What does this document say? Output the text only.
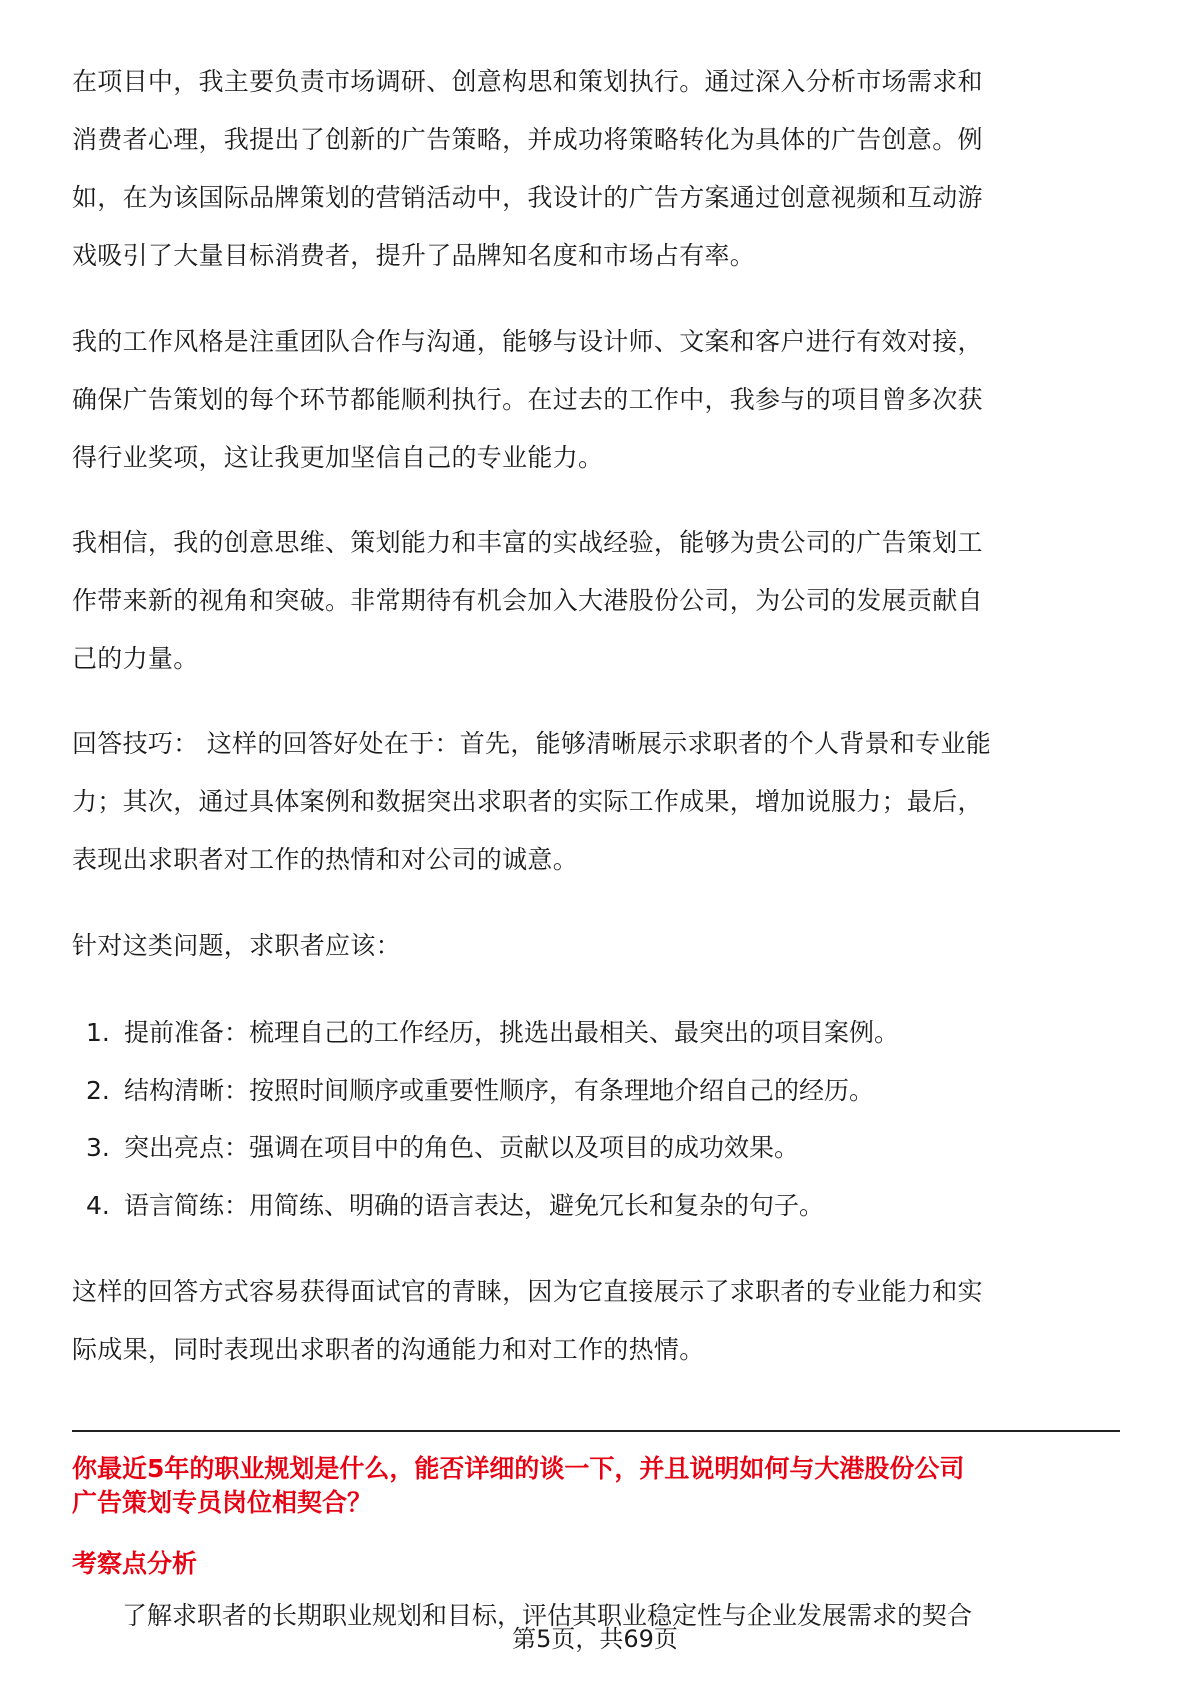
在项目中，我主要负责市场调研、创意构思和策划执行。通过深入分析市场需求和
消费者心理，我提出了创新的广告策略，并成功将策略转化为具体的广告创意。例
如，在为该国际品牌策划的营销活动中，我设计的广告方案通过创意视频和互动游
戏吸引了大量目标消费者，提升了品牌知名度和市场占有率。
我的工作风格是注重团队合作与沟通，能够与设计师、文案和客户进行有效对接，
确保广告策划的每个环节都能顺利执行。在过去的工作中，我参与的项目曾多次获
得行业奖项，这让我更加坚信自己的专业能力。
我相信，我的创意思维、策划能力和丰富的实战经验，能够为贵公司的广告策划工
作带来新的视角和突破。非常期待有机会加入大港股份公司，为公司的发展贡献自
己的力量。
回答技巧： 这样的回答好处在于：首先，能够清晰展示求职者的个人背景和专业能
力；其次，通过具体案例和数据突出求职者的实际工作成果，增加说服力；最后，
表现出求职者对工作的热情和对公司的诚意。
针对这类问题，求职者应该：
1. 提前准备：梳理自己的工作经历，挑选出最相关、最突出的项目案例。
2. 结构清晰：按照时间顺序或重要性顺序，有条理地介绍自己的经历。
3. 突出亮点：强调在项目中的角色、贡献以及项目的成功效果。
4. 语言简练：用简练、明确的语言表达，避免冗长和复杂的句子。
这样的回答方式容易获得面试官的青睐，因为它直接展示了求职者的专业能力和实
际成果，同时表现出求职者的沟通能力和对工作的热情。
你最近5年的职业规划是什么，能否详细的谈一下，并且说明如何与大港股份公司
广告策划专员岗位相契合？
考察点分析
了解求职者的长期职业规划和目标，评估其职业稳定性与企业发展需求的契合
第5页，共69页
